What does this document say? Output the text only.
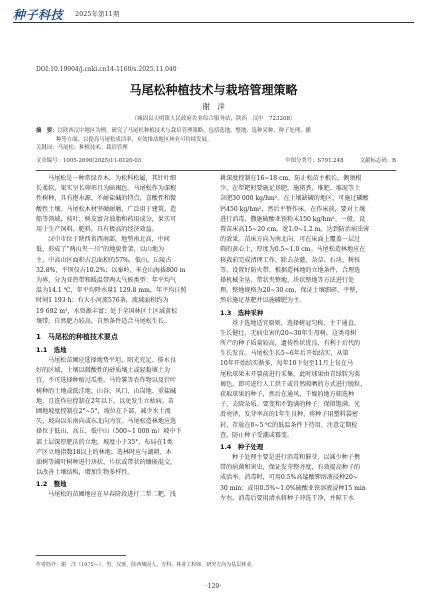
种子科技 2025年第11期
DOI:10.19904/j.cnki.cn14-1160/s.2025.11.040
马尾松种植技术与栽培管理策略
谢　洋
（城固县天明镇人民政府农业综合服务站，陕西　汉中　723208）
摘　要：以陕西汉中地区为例，研究了马尾松种植技术与栽培管理策略，包括选地、整地、选种采种、种子处理、播
种等方面，以提高马尾松成活率，有效推动地区林业可持续发展。
关键词：马尾松；种植技术；栽培管理
文章编号：1005-2690(2025)11-0120-03	中图分类号：S791.248　　　文献标志码：B
马尾松是一种常绿乔木，为松科松属，其针叶细
长柔软，果实呈长卵形且为暗褐色。马尾松作为深根
性树种，具有抱水源、不耐盐碱的特点，喜酸性和微
酸性土壤。马尾松木材坚硬耐磨，广泛用于建筑、造
船等领域，枝叶、树皮富含油脂和药用成分，果实可
用于生产饲料、肥料，具有极高的经济效益。
汉中市位于陕西省西南部，地势南北高，中间
低，形成了“两山夹一川”的地貌骨架，以山地为
主，中高山区面积占总面积的57%，低山、丘陵占
32.8%，平坝仅占10.2%；以秦岭、米仓山海拔800 m
为界，分为亚热带和暖温带两大气候类型：年平均气
温为14.1 ℃，年平均降水量1 129.8 mm，年平均日照
时间1 193 h；有大小河流576条，流域面积约为
19 692 m²，水资源丰富；处于全国林区土区域黄棕
壤带，自然肥力较高，自然条件适合马尾松生长。
1　马尾松的种植技术要点
1.1　选地
马尾松苗圃应选择地势平坦、阳光充足、排水良
好的区域，土壤以微酸性的砂质壤土或轻黏壤土为
宜，不可选择种植过瓜类、马铃薯等农作物以及针叶
树种的土地或低洼地、山谷、风口、山岗地、重盐碱
地，且连作应控制在2年以下，以免发生立枯病。苗
圃地坡度控制在2°~5°，坡位在下部，减少水土流
失，坡向以东南向或东北向为宜。马尾松造林地应选
择位于低山、高丘、低中山（500~1 000 m）坡中下
部土层深厚肥沃的立地，坡度小于35°，布局在1类
产区立地指数18以上的林地。选林时应与湖耕、木
油树等阔叶树种进行块状、片状或带状的镶嵌混交，
以改善土壤结构，增加生物多样性。
1.2　整地
马尾松的苗圃地应在早春阶段进行二犁二耙，浅
耕深度控制在16~18 cm，防止松苗主根长、侧须根
少，在犁耙时要施足基肥，施猪粪、堆肥、堆泥等土
杂肥30 000 kg/hm²。在土壤缺磷的地区，可施过磷酸
钙450 kg/hm²，然后平整作床。在作床前，要对土壤
进行消毒，撒施硫酸亚铁粉末150 kg/hm²。一般，设
置苗床高15~20 cm，宽1.0~1.2 m，达到防治病虫害
的效果。苗床方向为南北向，可在床面上覆盖一层过
筛的黄心土，厚度为0.5~1.0 cm。马尾松造林地应在
移栽前完成清理工作，除去杂灌、杂草、石块、树枝
等，设置好防火带。根据造林地的立地条件，合理选
择机械全垦、带状夹整地、块状整地等方法进行处
理。整地规格为20~30 cm，保证土壤细碎、平整，
然后施足基肥并以施磷肥为主。
1.3　选种采种
基于选地适宜原则，选择树冠匀称、主干通直、
生长健壮、无病虫害的20~30年生母树，这类母树
所产的种子质量较高，遗传性状优良，有利于后代的
生长发育。马尾松生长5~6年后开始结实，从第
10年开始结实渐多，每年10下旬至11月上旬在马
尾松球果未开裂前进行采集，此时球果由青绿转为栗
褐色，即可进行人工烘干或自然晾晒的方式进行脱粒，
获取球果的种子，然后在通风、干燥的地方筛选种
子，去除杂质。要变和不饱满的种子：保留饱满、光
滑亮泽、发芽率高的1年生良种，将种子用塑料袋密
封，存放在0~5 ℃的低温条件下待用，注意定期检
查，防止种子受潮或霉变。
1.4　种子处理
种子处理主要是进行消毒和催芽，以减少种子携
带的病菌和害虫，保证发芽整齐度，有效提高种子的
成活率。消毒时，可用0.5%高锰酸钾溶液浸种20~
30 min；或用0.5%~1.0%硫酸亚铁溶液浸种15 min
左右。消毒后要用清水将种子冲洗干净，并晾干水
作者简介：谢　洋（1975—），男，汉族，陕西城固人，专科，林业工程师，研究方向为基层林业。
·120·
